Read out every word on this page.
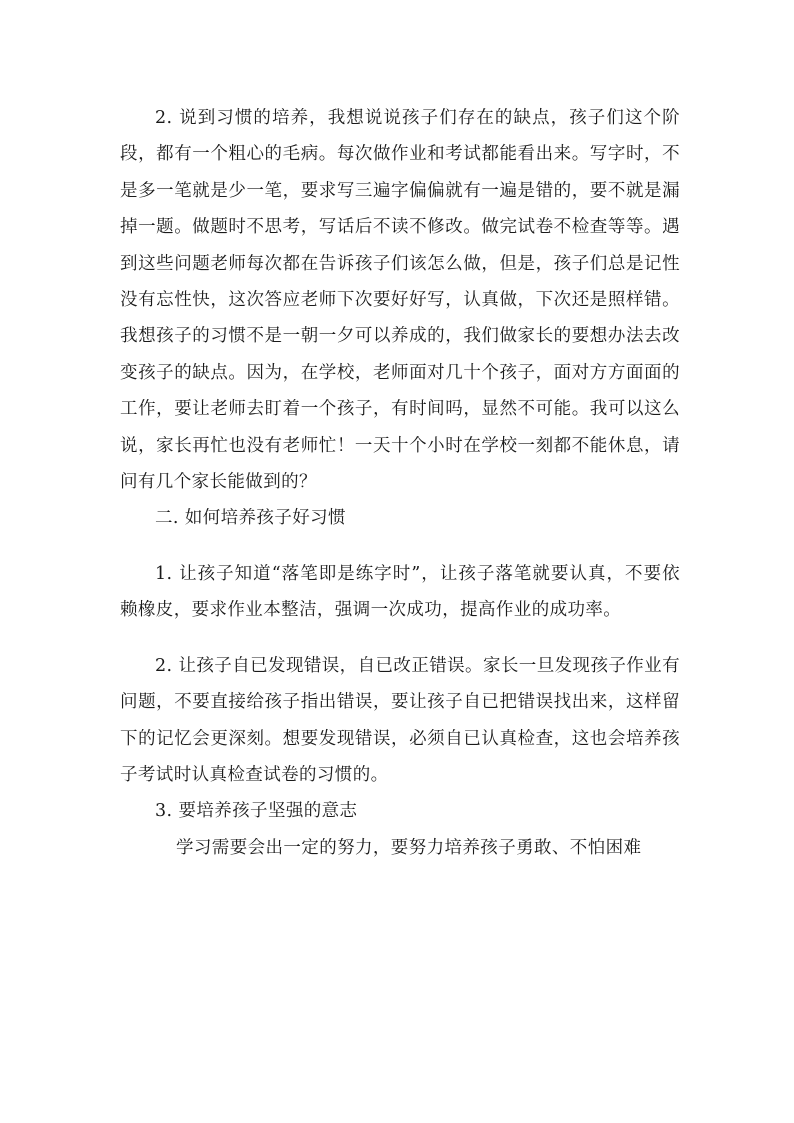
2. 说到习惯的培养，我想说说孩子们存在的缺点，孩子们这个阶段，都有一个粗心的毛病。每次做作业和考试都能看出来。写字时，不是多一笔就是少一笔，要求写三遍字偏偏就有一遍是错的，要不就是漏掉一题。做题时不思考，写话后不读不修改。做完试卷不检查等等。遇到这些问题老师每次都在告诉孩子们该怎么做，但是，孩子们总是记性没有忘性快，这次答应老师下次要好好写，认真做，下次还是照样错。我想孩子的习惯不是一朝一夕可以养成的，我们做家长的要想办法去改变孩子的缺点。因为，在学校，老师面对几十个孩子，面对方方面面的工作，要让老师去盯着一个孩子，有时间吗，显然不可能。我可以这么说，家长再忙也没有老师忙！一天十个小时在学校一刻都不能休息，请问有几个家长能做到的？

二. 如何培养孩子好习惯

1. 让孩子知道“落笔即是练字时”，让孩子落笔就要认真，不要依赖橡皮，要求作业本整洁，强调一次成功，提高作业的成功率。

2. 让孩子自已发现错误，自已改正错误。家长一旦发现孩子作业有问题，不要直接给孩子指出错误，要让孩子自已把错误找出来，这样留下的记忆会更深刻。想要发现错误，必须自已认真检查，这也会培养孩子考试时认真检查试卷的习惯的。

3. 要培养孩子坚强的意志

学习需要会出一定的努力，要努力培养孩子勇敢、不怕困难
